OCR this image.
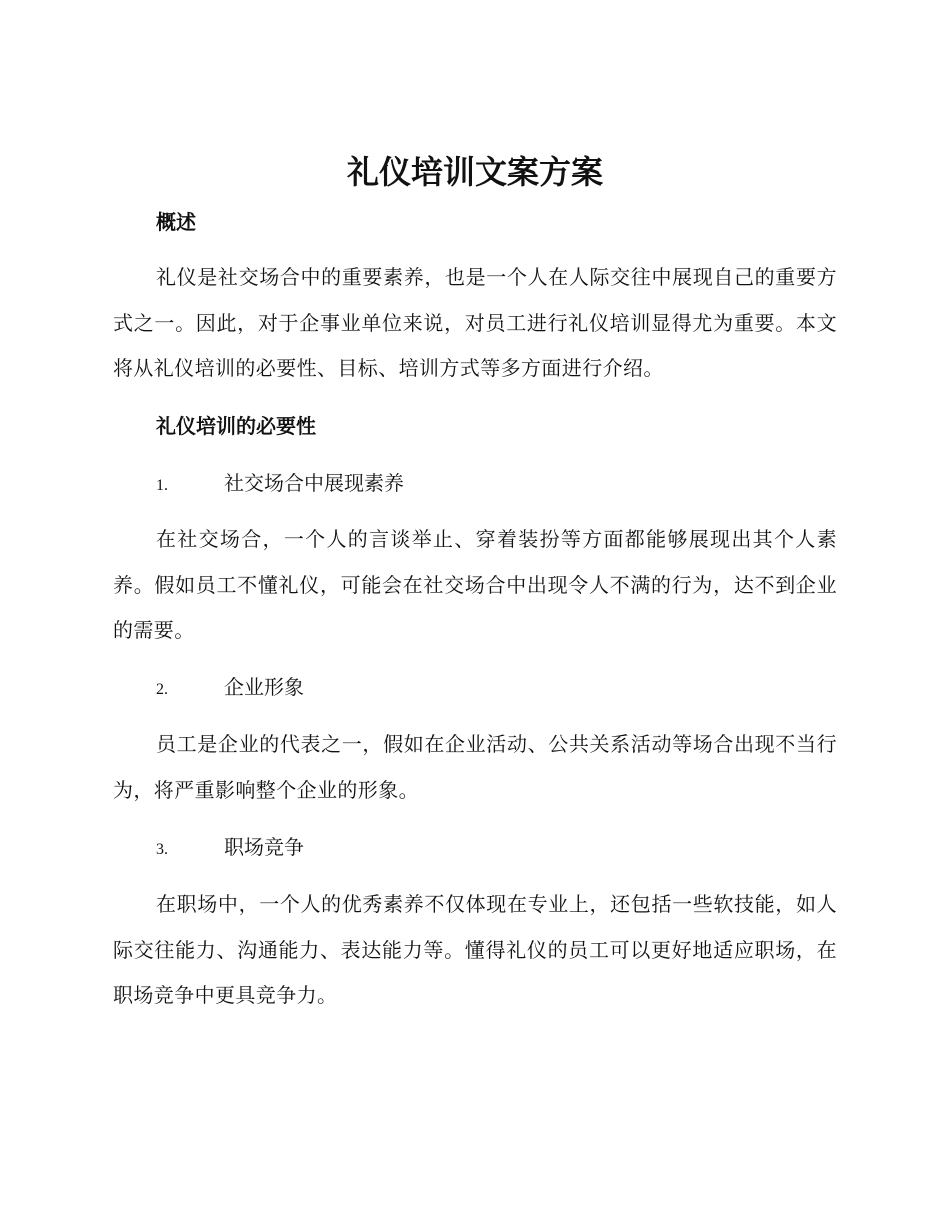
礼仪培训文案方案
概述
礼仪是社交场合中的重要素养，也是一个人在人际交往中展现自己的重要方式之一。因此，对于企事业单位来说，对员工进行礼仪培训显得尤为重要。本文将从礼仪培训的必要性、目标、培训方式等多方面进行介绍。
礼仪培训的必要性
1.	社交场合中展现素养
在社交场合，一个人的言谈举止、穿着装扮等方面都能够展现出其个人素养。假如员工不懂礼仪，可能会在社交场合中出现令人不满的行为，达不到企业的需要。
2.	企业形象
员工是企业的代表之一，假如在企业活动、公共关系活动等场合出现不当行为，将严重影响整个企业的形象。
3.	职场竞争
在职场中，一个人的优秀素养不仅体现在专业上，还包括一些软技能，如人际交往能力、沟通能力、表达能力等。懂得礼仪的员工可以更好地适应职场，在职场竞争中更具竞争力。
